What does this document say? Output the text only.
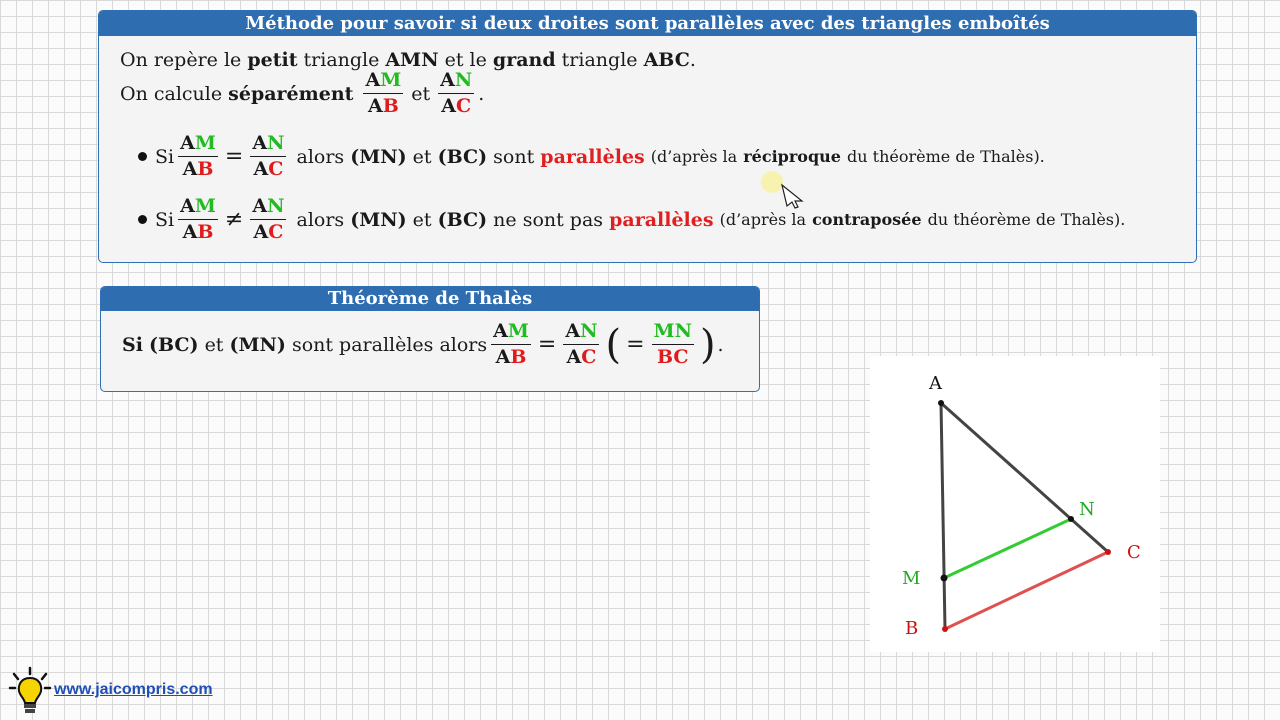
Méthode pour savoir si deux droites sont parallèles avec des triangles emboîtés
On repère le
petit
triangle
AMN
et le
grand
triangle
ABC .
On calcule
séparément
$\frac{AM}{AB}$ et $\frac{AN}{AC}$ .
Si $\frac{AM}{AB} = \frac{AN}{AC}$
alors
(MN)
et
(BC)
sont
parallèles
(d’après la
réciproque
du théorème de Thalès).
Si $\frac{AM}{AB} \ne \frac{AN}{AC}$
alors
(MN)
et
(BC)
ne sont pas
parallèles
(d’après la
contraposée
du théorème de Thalès).
Théorème de Thalès
Si
(BC)
et
(MN)
sont parallèles alors $\frac{AM}{AB} = \frac{AN}{AC}$ ( = $\frac{MN}{BC}$ ) .
A
N
C
M
B
www.jaicompris.com
